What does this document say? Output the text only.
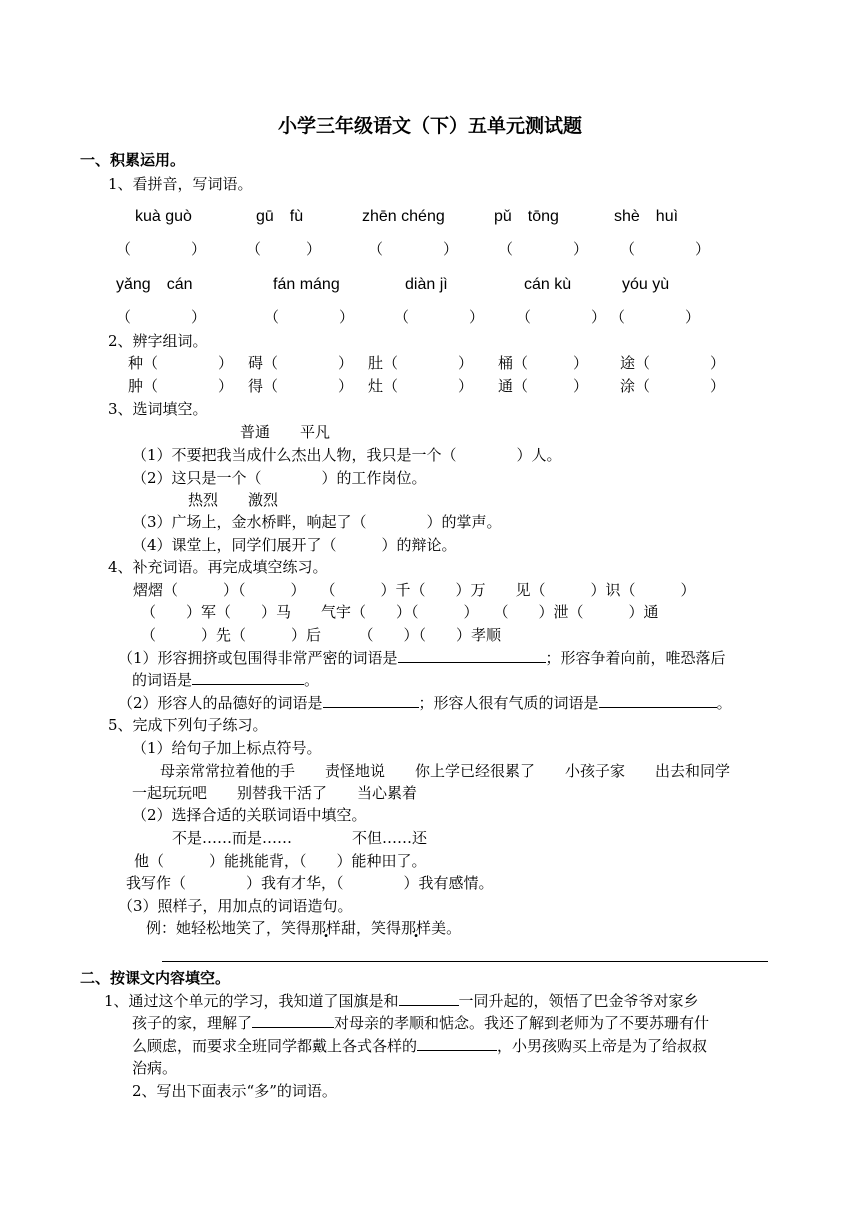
小学三年级语文（下）五单元测试题
一、积累运用。
1、看拼音，写词语。
kuà guò	gū　fù	zhēn chéng	pǔ　tōng	shè　huì
（　　　　）	（　　　）	（　　　　）	（　　　　） （　　　　）
yǎng　cán	fán máng	diàn jì	cán kù	yóu yù
（　　　　）	（　　　　）	（　　　　） （　　　　） （　　　　）
2、辨字组词。
种（　　　　） 碍（　　　　） 肚（　　　　） 桶（　　　） 途（　　　　）
肿（　　　　） 得（　　　　） 灶（　　　　） 通（　　　） 涂（　　　　）
3、选词填空。
普通　　平凡
（1）不要把我当成什么杰出人物，我只是一个（　　　　）人。
（2）这只是一个（　　　　）的工作岗位。
热烈　　激烈
（3）广场上，金水桥畔，响起了（　　　　）的掌声。
（4）课堂上，同学们展开了（　　　）的辩论。
4、补充词语。再完成填空练习。
熠熠（　　　）（　　　）　　（　　　）千（　　）万　　见（　　　）识（　　　）
（　　）军（　　）马　　气宇（　　）（　　　）　　（　　）泄（　　　）通
（　　　）先（　　　）后　　　（　　）（　　）孝顺
（1）形容拥挤或包围得非常严密的词语是	；形容争着向前，唯恐落后
的词语是	。
（2）形容人的品德好的词语是	；形容人很有气质的词语是	。
5、完成下列句子练习。
（1）给句子加上标点符号。
母亲常常拉着他的手　　责怪地说　　你上学已经很累了　　小孩子家　　出去和同学
一起玩玩吧　　别替我干活了　　当心累着
（2）选择合适的关联词语中填空。
不是……而是……　　　　不但……还
他（　　　）能挑能背，（　　）能种田了。
我写作（　　　　）我有才华，（　　　　）我有感情。
（3）照样子，用加点的词语造句。
例：她轻松地笑了，笑得那样甜，笑得那样美。
二、按课文内容填空。
1、通过这个单元的学习，我知道了国旗是和	一同升起的，领悟了巴金爷爷对家乡
孩子的家，理解了	对母亲的孝顺和惦念。我还了解到老师为了不要苏珊有什
么顾虑，而要求全班同学都戴上各式各样的	，小男孩购买上帝是为了给叔叔
治病。
2、写出下面表示“多”的词语。
